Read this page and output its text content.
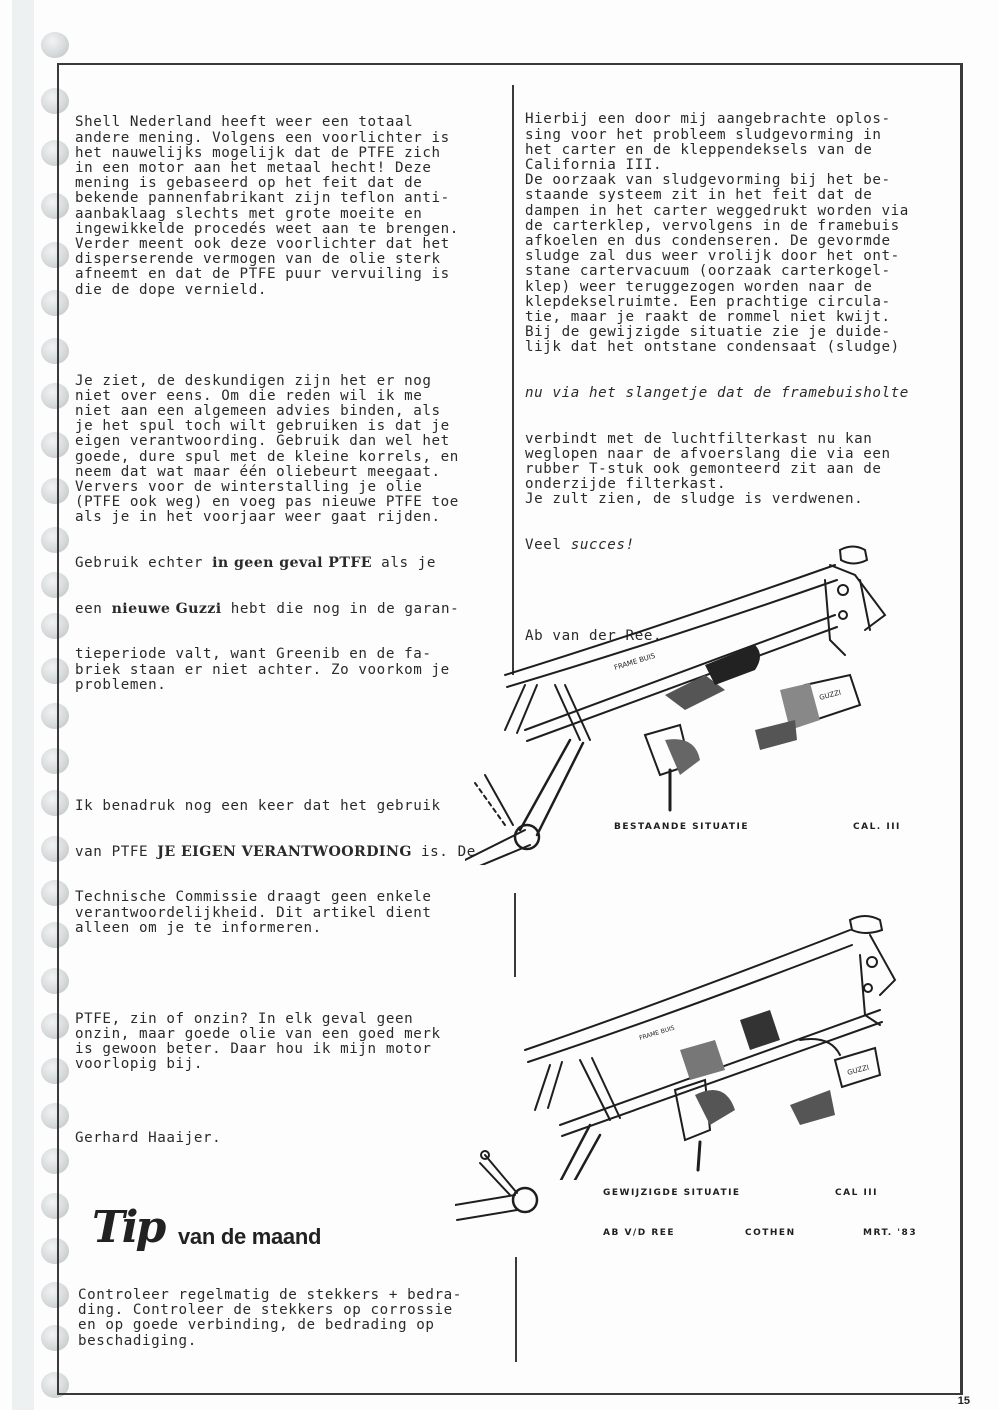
Shell Nederland heeft weer een totaal
andere mening. Volgens een voorlichter is
het nauwelijks mogelijk dat de PTFE zich
in een motor aan het metaal hecht! Deze
mening is gebaseerd op het feit dat de
bekende pannenfabrikant zijn teflon anti-
aanbaklaag slechts met grote moeite en
ingewikkelde procedés weet aan te brengen.
Verder meent ook deze voorlichter dat het
disperserende vermogen van de olie sterk
afneemt en dat de PTFE puur vervuiling is
die de dope vernield.

Je ziet, de deskundigen zijn het er nog
niet over eens. Om die reden wil ik me
niet aan een algemeen advies binden, als
je het spul toch wilt gebruiken is dat je
eigen verantwoording. Gebruik dan wel het
goede, dure spul met de kleine korrels, en
neem dat wat maar één oliebeurt meegaat.
Ververs voor de winterstalling je olie
(PTFE ook weg) en voeg pas nieuwe PTFE toe
als je in het voorjaar weer gaat rijden.

Gebruik echter in geen geval PTFE als je

een nieuwe Guzzi hebt die nog in de garan-

tieperiode valt, want Greenib en de fa-
briek staan er niet achter. Zo voorkom je
problemen.

Ik benadruk nog een keer dat het gebruik

van PTFE JE EIGEN VERANTWOORDING is. De

Technische Commissie draagt geen enkele
verantwoordelijkheid. Dit artikel dient
alleen om je te informeren.

PTFE, zin of onzin? In elk geval geen
onzin, maar goede olie van een goed merk
is gewoon beter. Daar hou ik mijn motor
voorlopig bij.

Gerhard Haaijer.

Hierbij een door mij aangebrachte oplos-
sing voor het probleem sludgevorming in
het carter en de kleppendeksels van de
California III.
De oorzaak van sludgevorming bij het be-
staande systeem zit in het feit dat de
dampen in het carter weggedrukt worden via
de carterklep, vervolgens in de framebuis
afkoelen en dus condenseren. De gevormde
sludge zal dus weer vrolijk door het ont-
stane cartervacuum (oorzaak carterkogel-
klep) weer teruggezogen worden naar de
klepdekselruimte. Een prachtige circula-
tie, maar je raakt de rommel niet kwijt.
Bij de gewijzigde situatie zie je duide-
lijk dat het ontstane condensaat (sludge)

nu via het slangetje dat de framebuisholte

verbindt met de luchtfilterkast nu kan
weglopen naar de afvoerslang die via een
rubber T-stuk ook gemonteerd zit aan de
onderzijde filterkast.
Je zult zien, de sludge is verdwenen.

Veel succes!

Ab van der Ree.

FRAME BUIS
GUZZI
BESTAANDE SITUATIE	CAL. III
FRAME BUIS
GUZZI
GEWIJZIGDE SITUATIE	CAL III
AB V/D REE	COTHEN	MRT. '83
Tip van de maand
Controleer regelmatig de stekkers + bedra-
ding. Controleer de stekkers op corrossie
en op goede verbinding, de bedrading op
beschadiging.
15
